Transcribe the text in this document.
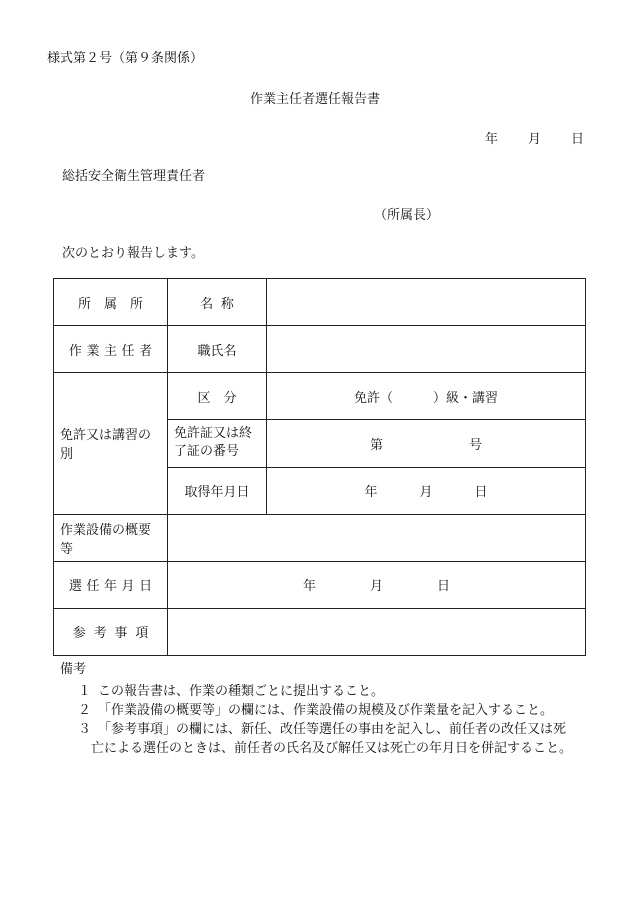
様式第２号（第９条関係）
作業主任者選任報告書
年 月 日
総括安全衛生管理責任者
（所属長）
次のとおり報告します。
所属所	名称	
作業主任者	職氏名	
免許又は講習の別	区分	免許（ ）級・講習
	免許証又は終了証の番号	第 号
	取得年月日	年 月 日
作業設備の概要等		
選任年月日	年 月 日	
参考事項		
備考
１ この報告書は、作業の種類ごとに提出すること。
２ 「作業設備の概要等」の欄には、作業設備の規模及び作業量を記入すること。
３ 「参考事項」の欄には、新任、改任等選任の事由を記入し、前任者の改任又は死
亡による選任のときは、前任者の氏名及び解任又は死亡の年月日を併記すること。
